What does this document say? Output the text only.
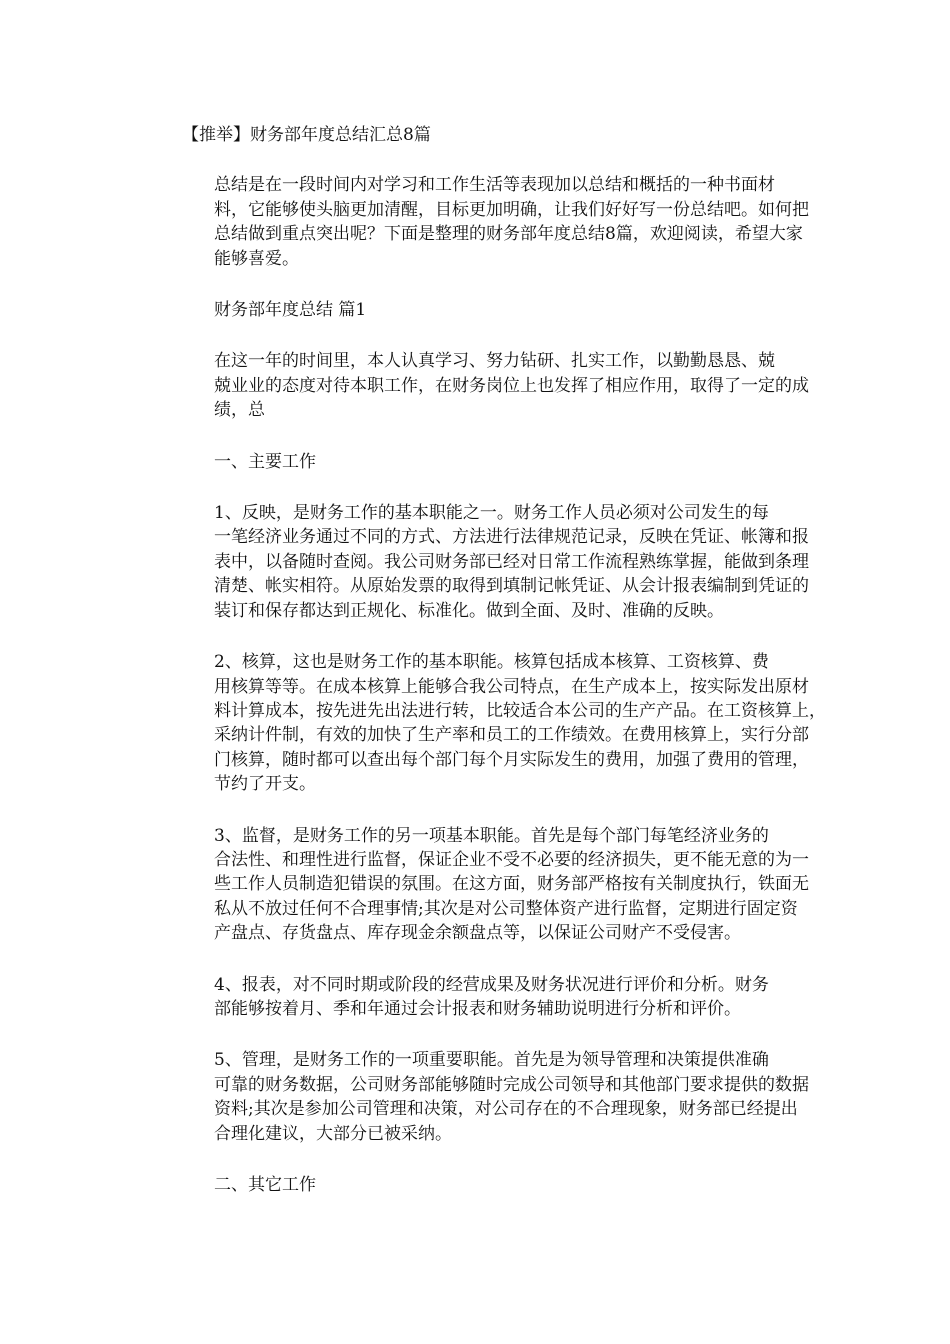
【推举】财务部年度总结汇总8篇
总结是在一段时间内对学习和工作生活等表现加以总结和概括的一种书面材
料，它能够使头脑更加清醒，目标更加明确，让我们好好写一份总结吧。如何把
总结做到重点突出呢？下面是整理的财务部年度总结8篇，欢迎阅读，希望大家
能够喜爱。
财务部年度总结 篇1
在这一年的时间里，本人认真学习、努力钻研、扎实工作，以勤勤恳恳、兢
兢业业的态度对待本职工作，在财务岗位上也发挥了相应作用，取得了一定的成
绩，总
一、主要工作
1、反映，是财务工作的基本职能之一。财务工作人员必须对公司发生的每
一笔经济业务通过不同的方式、方法进行法律规范记录，反映在凭证、帐簿和报
表中，以备随时查阅。我公司财务部已经对日常工作流程熟练掌握，能做到条理
清楚、帐实相符。从原始发票的取得到填制记帐凭证、从会计报表编制到凭证的
装订和保存都达到正规化、标准化。做到全面、及时、准确的反映。
2、核算，这也是财务工作的基本职能。核算包括成本核算、工资核算、费
用核算等等。在成本核算上能够合我公司特点，在生产成本上，按实际发出原材
料计算成本，按先进先出法进行转，比较适合本公司的生产产品。在工资核算上，
采纳计件制，有效的加快了生产率和员工的工作绩效。在费用核算上，实行分部
门核算，随时都可以查出每个部门每个月实际发生的费用，加强了费用的管理，
节约了开支。
3、监督，是财务工作的另一项基本职能。首先是每个部门每笔经济业务的
合法性、和理性进行监督，保证企业不受不必要的经济损失，更不能无意的为一
些工作人员制造犯错误的氛围。在这方面，财务部严格按有关制度执行，铁面无
私从不放过任何不合理事情;其次是对公司整体资产进行监督，定期进行固定资
产盘点、存货盘点、库存现金余额盘点等，以保证公司财产不受侵害。
4、报表，对不同时期或阶段的经营成果及财务状况进行评价和分析。财务
部能够按着月、季和年通过会计报表和财务辅助说明进行分析和评价。
5、管理，是财务工作的一项重要职能。首先是为领导管理和决策提供准确
可靠的财务数据，公司财务部能够随时完成公司领导和其他部门要求提供的数据
资料;其次是参加公司管理和决策，对公司存在的不合理现象，财务部已经提出
合理化建议，大部分已被采纳。
二、其它工作
